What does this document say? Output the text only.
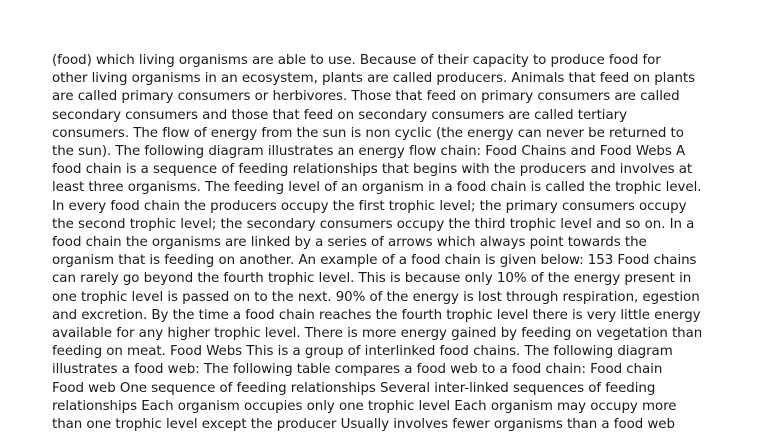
(food) which living organisms are able to use. Because of their capacity to produce food for
other living organisms in an ecosystem, plants are called producers. Animals that feed on plants
are called primary consumers or herbivores. Those that feed on primary consumers are called
secondary consumers and those that feed on secondary consumers are called tertiary
consumers. The flow of energy from the sun is non cyclic (the energy can never be returned to
the sun). The following diagram illustrates an energy flow chain: Food Chains and Food Webs A
food chain is a sequence of feeding relationships that begins with the producers and involves at
least three organisms. The feeding level of an organism in a food chain is called the trophic level.
In every food chain the producers occupy the first trophic level; the primary consumers occupy
the second trophic level; the secondary consumers occupy the third trophic level and so on. In a
food chain the organisms are linked by a series of arrows which always point towards the
organism that is feeding on another. An example of a food chain is given below: 153 Food chains
can rarely go beyond the fourth trophic level. This is because only 10% of the energy present in
one trophic level is passed on to the next. 90% of the energy is lost through respiration, egestion
and excretion. By the time a food chain reaches the fourth trophic level there is very little energy
available for any higher trophic level. There is more energy gained by feeding on vegetation than
feeding on meat. Food Webs This is a group of interlinked food chains. The following diagram
illustrates a food web: The following table compares a food web to a food chain: Food chain
Food web One sequence of feeding relationships Several inter-linked sequences of feeding
relationships Each organism occupies only one trophic level Each organism may occupy more
than one trophic level except the producer Usually involves fewer organisms than a food web
